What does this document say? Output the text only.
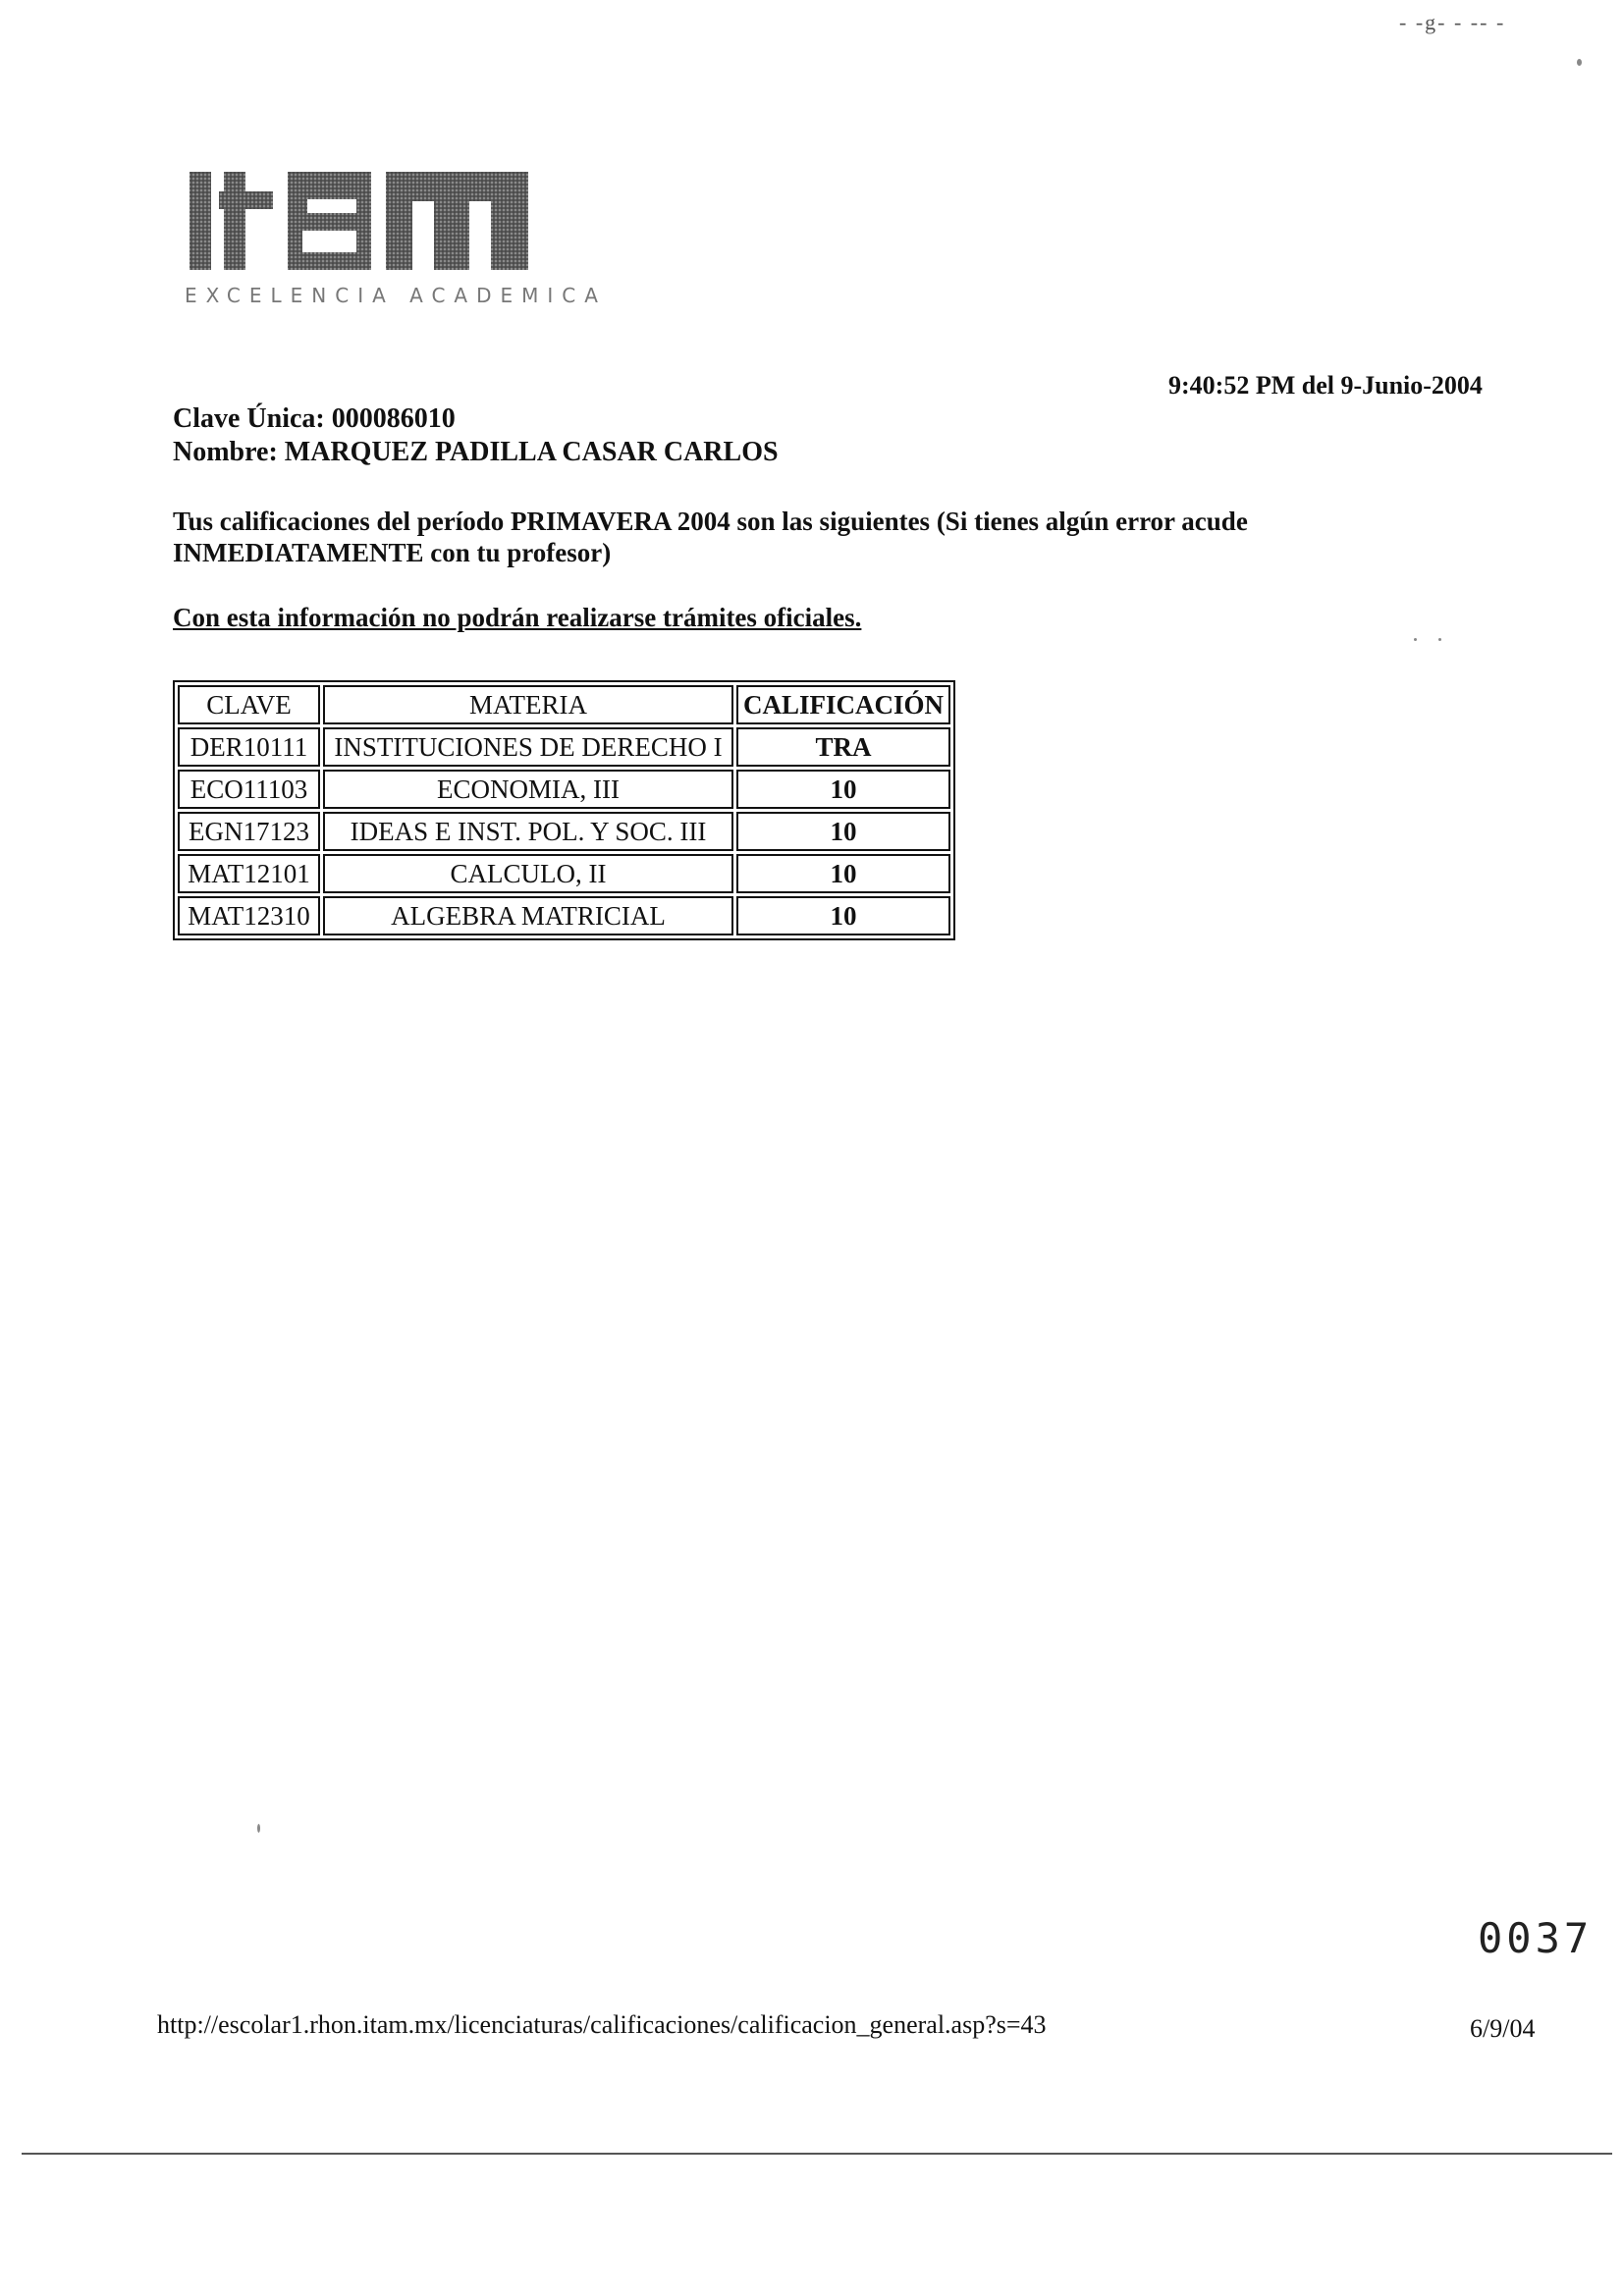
- -g- - -- -
EXCELENCIA ACADEMICA
9:40:52 PM del 9-Junio-2004
Clave Única: 000086010
Nombre: MARQUEZ PADILLA CASAR CARLOS
Tus calificaciones del período PRIMAVERA 2004 son las siguientes (Si tienes algún error acude
INMEDIATAMENTE con tu profesor)
Con esta información no podrán realizarse trámites oficiales.
CLAVE	MATERIA	CALIFICACIÓN
DER10111	INSTITUCIONES DE DERECHO I	TRA
ECO11103	ECONOMIA, III	10
EGN17123	IDEAS E INST. POL. Y SOC. III	10
MAT12101	CALCULO, II	10
MAT12310	ALGEBRA MATRICIAL	10
0037
http://escolar1.rhon.itam.mx/licenciaturas/calificaciones/calificacion_general.asp?s=43	6/9/04
